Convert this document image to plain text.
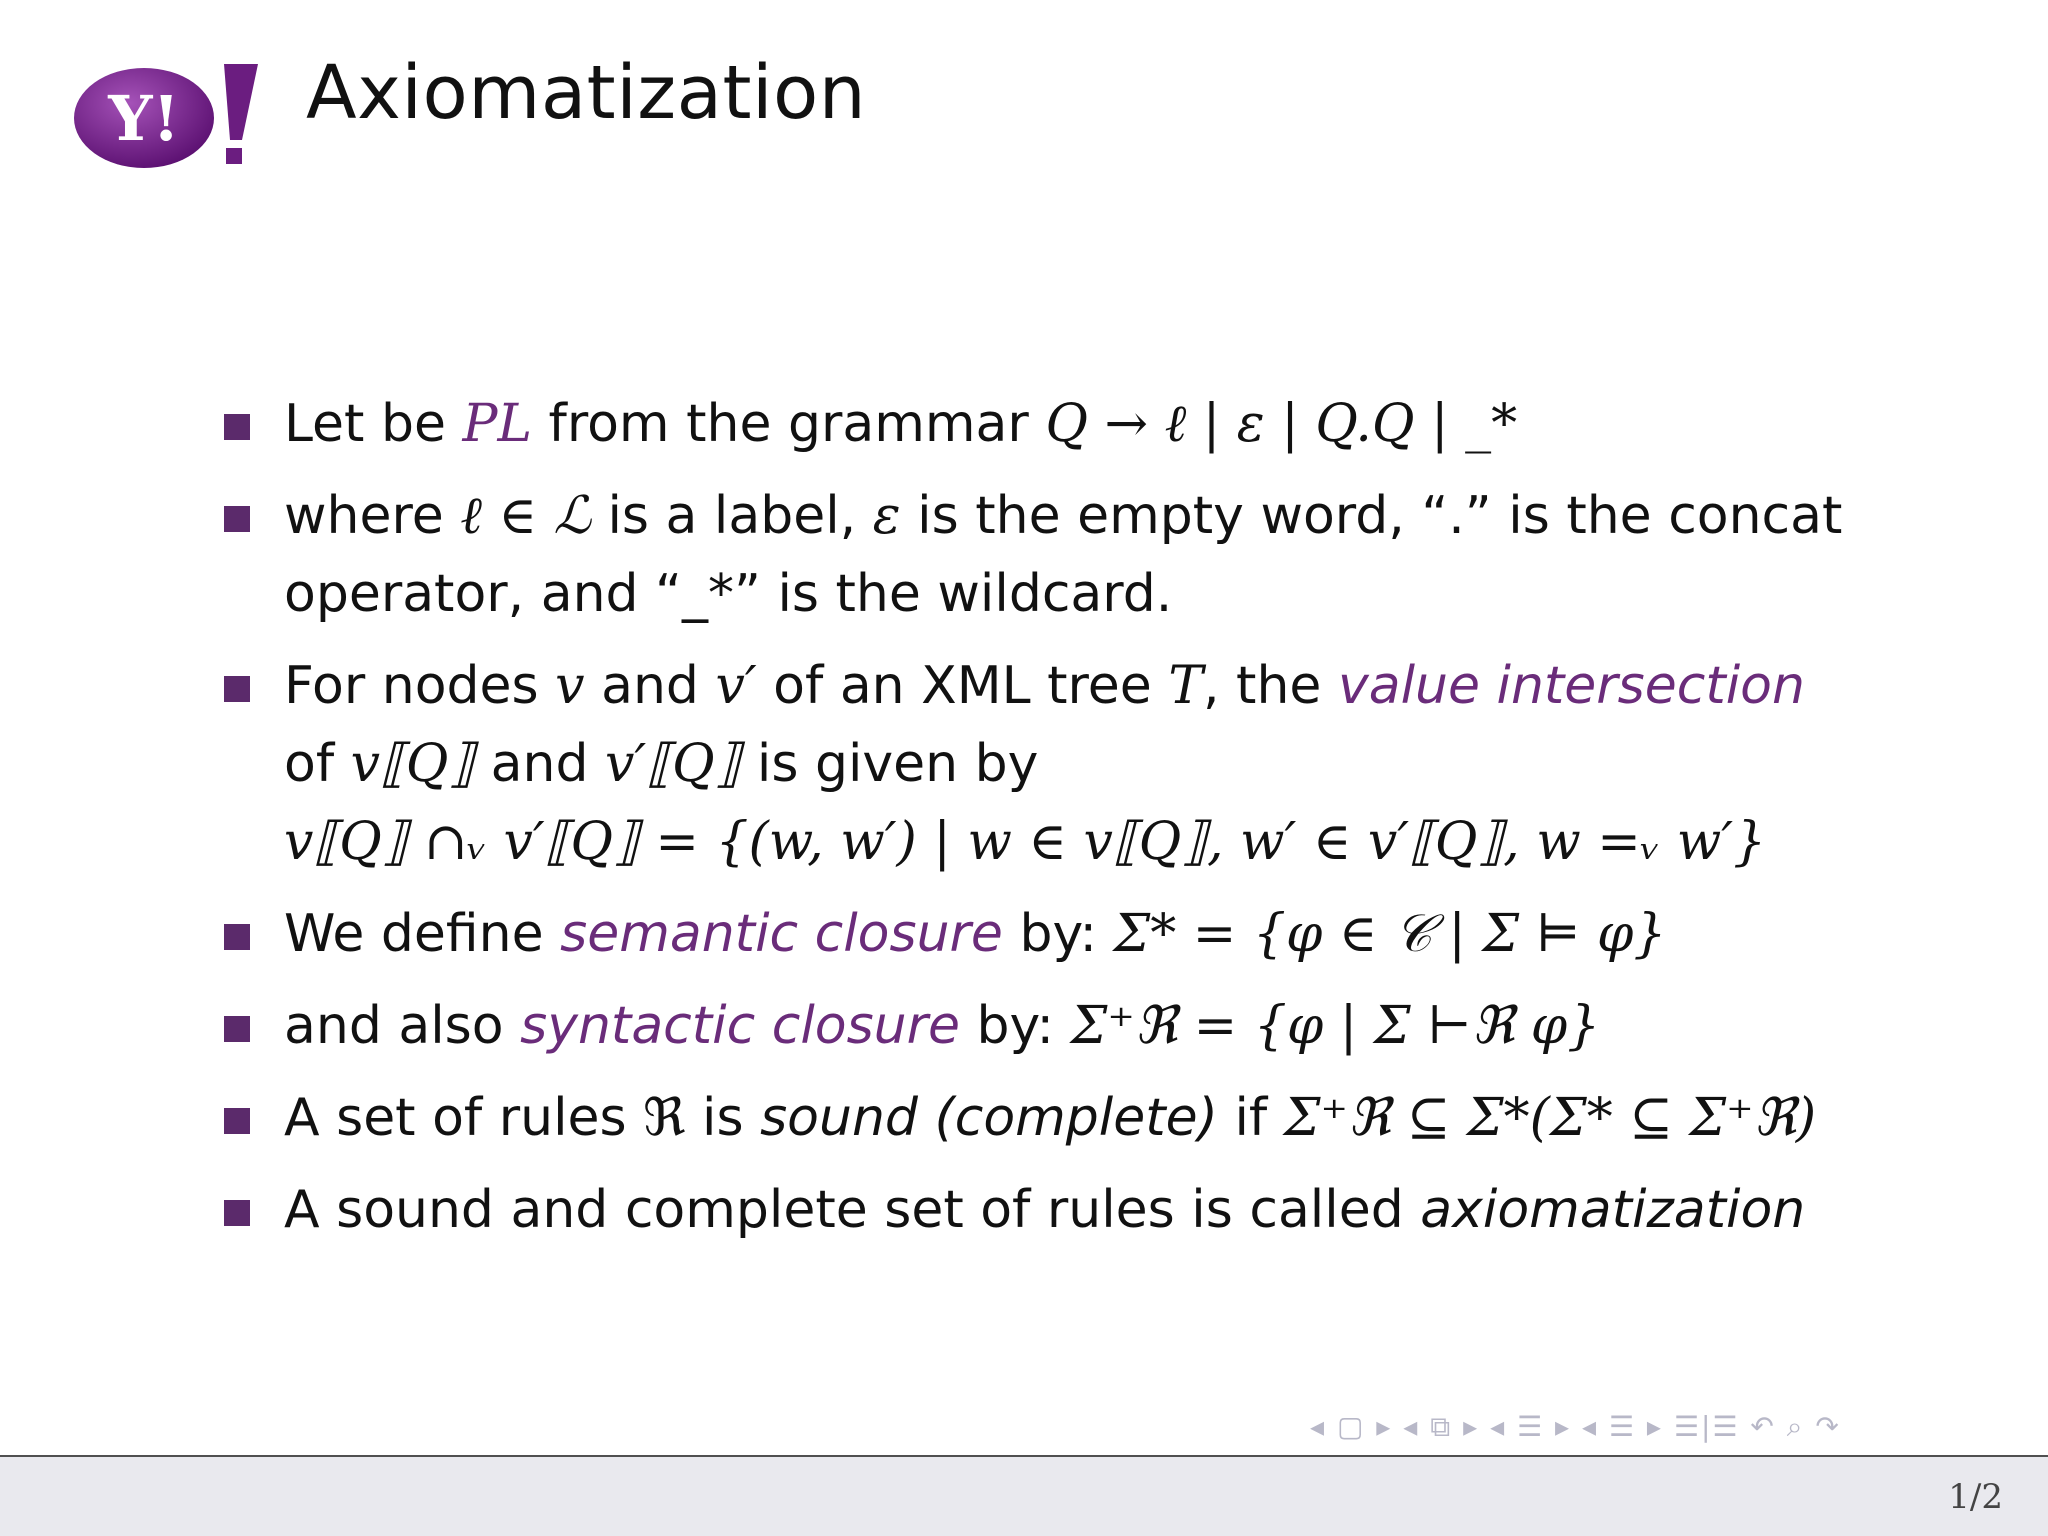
Y! Axiomatization
Let be PL from the grammar Q → ℓ | ε | Q.Q | _*
where ℓ ∈ ℒ is a label, ε is the empty word, “.” is the concat
operator, and “_*” is the wildcard.
For nodes v and v′ of an XML tree T, the value intersection
of v⟦Q⟧ and v′⟦Q⟧ is given by
v⟦Q⟧ ∩ᵥ v′⟦Q⟧ = {(w, w′) | w ∈ v⟦Q⟧, w′ ∈ v′⟦Q⟧, w =ᵥ w′}
We define semantic closure by: Σ* = {φ ∈ 𝒞 | Σ ⊨ φ}
and also syntactic closure by: Σ⁺ℜ = {φ | Σ ⊢ℜ φ}
A set of rules ℜ is sound (complete) if Σ⁺ℜ ⊆ Σ*(Σ* ⊆ Σ⁺ℜ)
A sound and complete set of rules is called axiomatization
◂ ▢ ▸ ◂ ⧉ ▸ ◂ ☰ ▸ ◂ ☰ ▸ ☰|☰ ↶ ⌕ ↷
1/2
